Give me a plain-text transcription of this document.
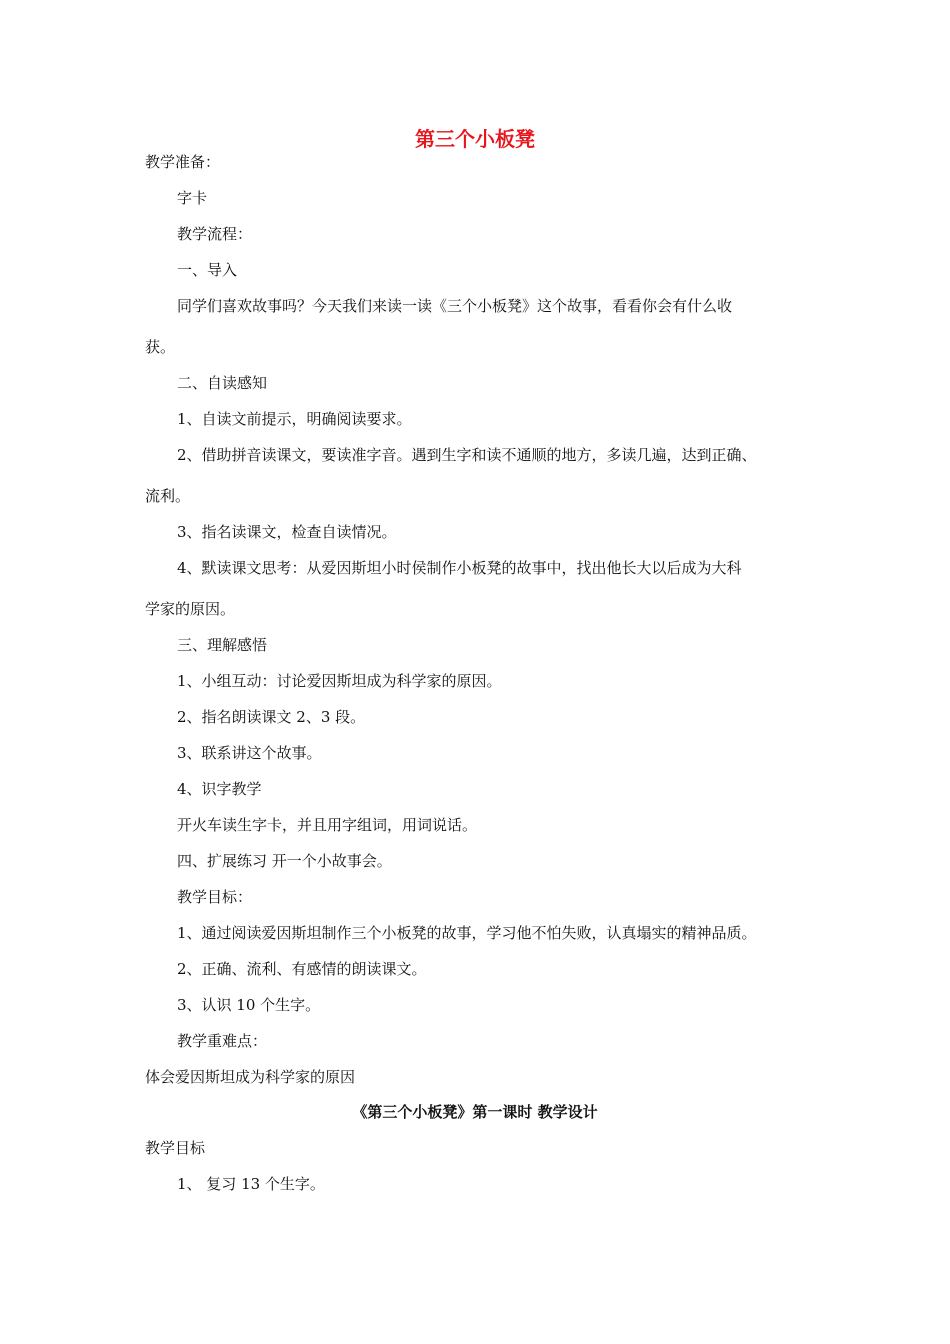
第三个小板凳
教学准备：
字卡
教学流程：
一、导入
同学们喜欢故事吗？今天我们来读一读《三个小板凳》这个故事，看看你会有什么收
获。
二、自读感知
1、自读文前提示，明确阅读要求。
2、借助拼音读课文，要读准字音。遇到生字和读不通顺的地方，多读几遍，达到正确、
流利。
3、指名读课文，检查自读情况。
4、默读课文思考：从爱因斯坦小时侯制作小板凳的故事中，找出他长大以后成为大科
学家的原因。
三、理解感悟
1、小组互动：讨论爱因斯坦成为科学家的原因。
2、指名朗读课文 2、3 段。
3、联系讲这个故事。
4、识字教学
开火车读生字卡，并且用字组词，用词说话。
四、扩展练习 开一个小故事会。
教学目标：
1、通过阅读爱因斯坦制作三个小板凳的故事，学习他不怕失败，认真塌实的精神品质。
2、正确、流利、有感情的朗读课文。
3、认识 10 个生字。
教学重难点：
体会爱因斯坦成为科学家的原因
《第三个小板凳》第一课时 教学设计
教学目标
1、 复习 13 个生字。
